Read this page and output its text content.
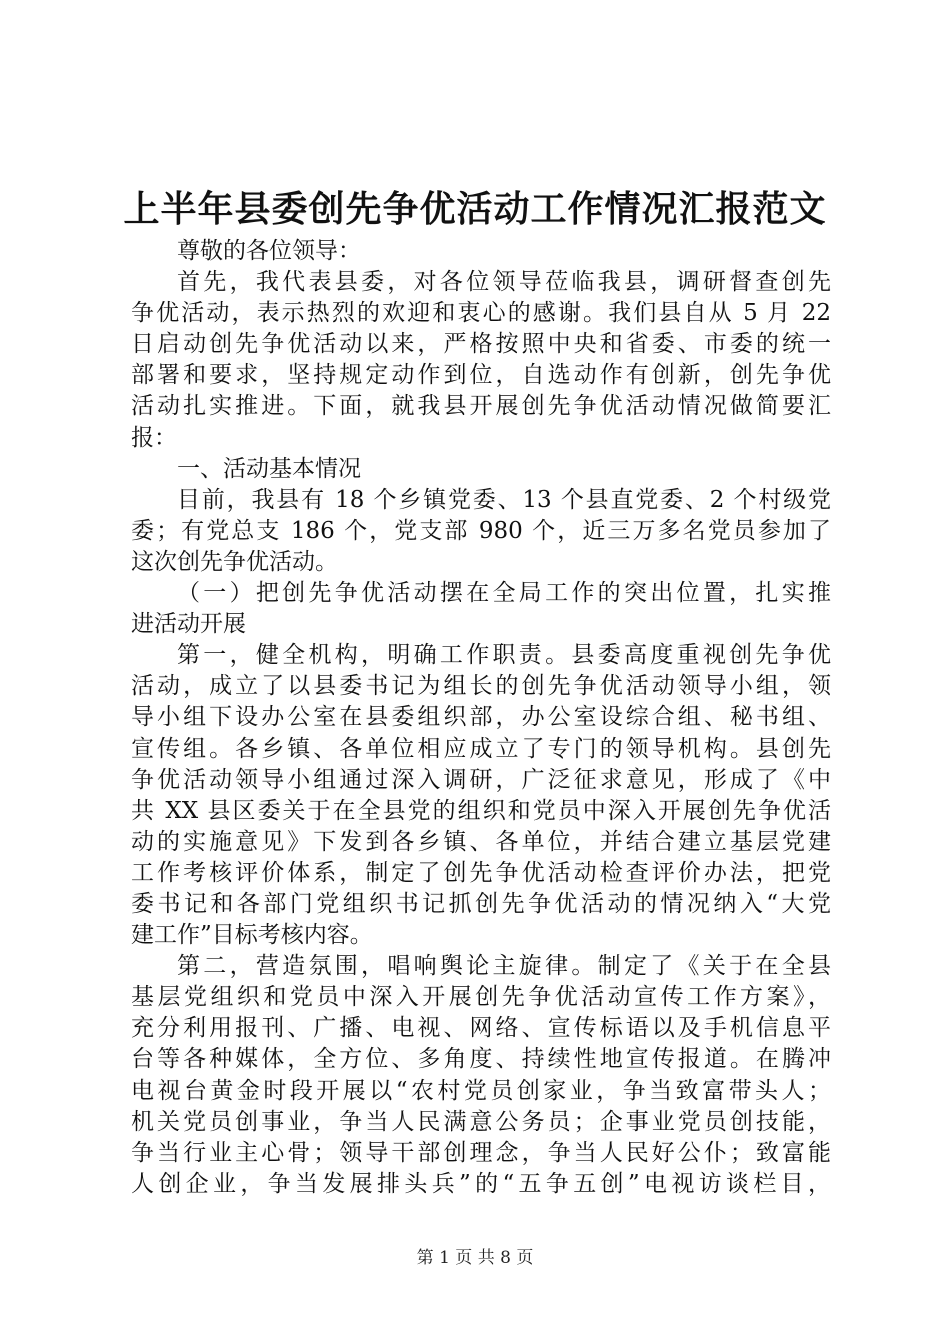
上半年县委创先争优活动工作情况汇报范文
尊敬的各位领导：
首先，我代表县委，对各位领导莅临我县，调研督查创先
争优活动，表示热烈的欢迎和衷心的感谢。我们县自从 5 月 22
日启动创先争优活动以来，严格按照中央和省委、市委的统一
部署和要求，坚持规定动作到位，自选动作有创新，创先争优
活动扎实推进。下面，就我县开展创先争优活动情况做简要汇
报：
一、活动基本情况
目前，我县有 18 个乡镇党委、13 个县直党委、2 个村级党
委；有党总支 186 个，党支部 980 个，近三万多名党员参加了
这次创先争优活动。
（一）把创先争优活动摆在全局工作的突出位置，扎实推
进活动开展
第一，健全机构，明确工作职责。县委高度重视创先争优
活动，成立了以县委书记为组长的创先争优活动领导小组，领
导小组下设办公室在县委组织部，办公室设综合组、秘书组、
宣传组。各乡镇、各单位相应成立了专门的领导机构。县创先
争优活动领导小组通过深入调研，广泛征求意见，形成了《中
共 XX 县区委关于在全县党的组织和党员中深入开展创先争优活
动的实施意见》下发到各乡镇、各单位，并结合建立基层党建
工作考核评价体系，制定了创先争优活动检查评价办法，把党
委书记和各部门党组织书记抓创先争优活动的情况纳入“大党
建工作”目标考核内容。
第二，营造氛围，唱响舆论主旋律。制定了《关于在全县
基层党组织和党员中深入开展创先争优活动宣传工作方案》，
充分利用报刊、广播、电视、网络、宣传标语以及手机信息平
台等各种媒体，全方位、多角度、持续性地宣传报道。在腾冲
电视台黄金时段开展以“农村党员创家业，争当致富带头人；
机关党员创事业，争当人民满意公务员；企事业党员创技能，
争当行业主心骨；领导干部创理念，争当人民好公仆；致富能
人创企业，争当发展排头兵”的“五争五创”电视访谈栏目，
第 1 页 共 8 页
